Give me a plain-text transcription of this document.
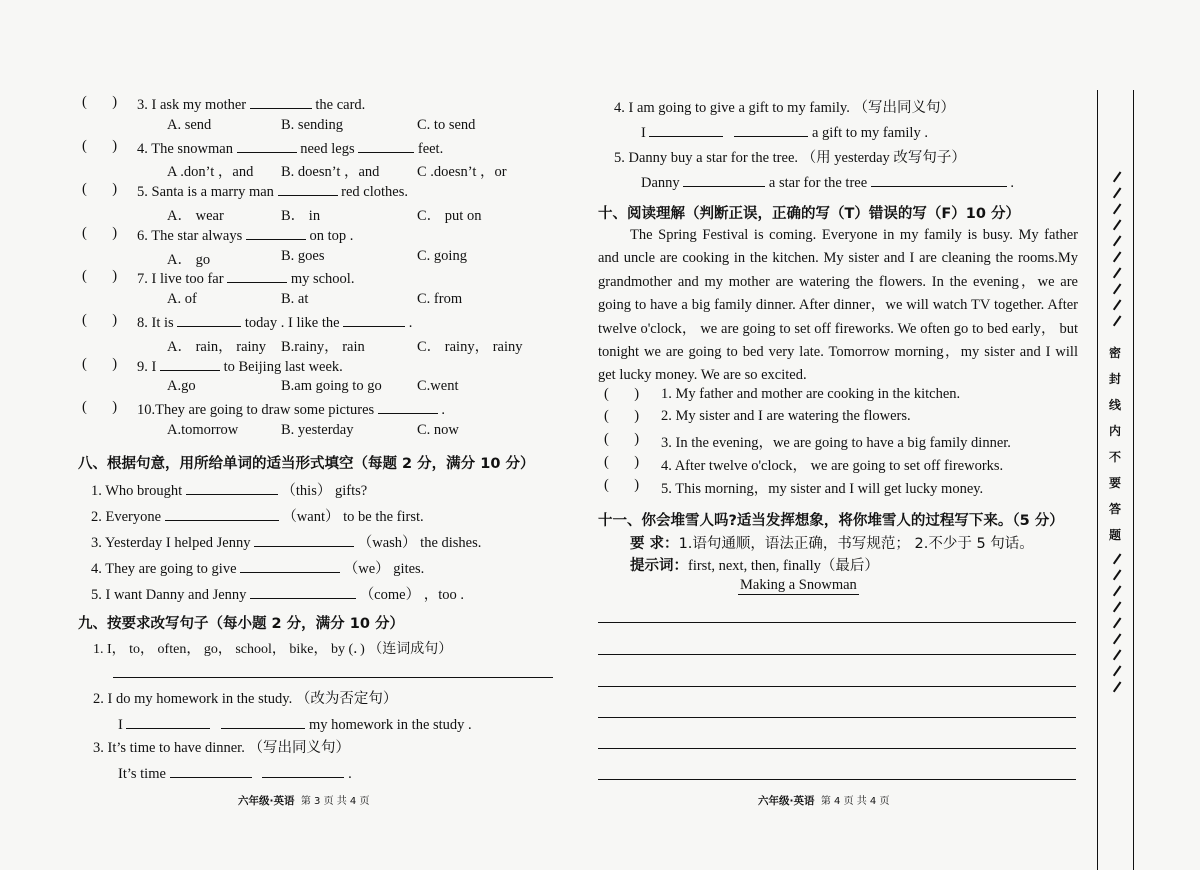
( ) 3. I ask my mother	the card.
A. send	B. sending	C. to send
( ) 4. The snowman	need legs	feet.
A .don’t ，and B. doesn’t ，and	C .doesn’t ，or
( ) 5. Santa is a marry man	red clothes.
A． wear	B． in	C． put on
( ) 6. The star always	on top .
A． go	B. goes	C. going
( ) 7. I live too far	my school.
A. of	B. at	C. from
( ) 8. It is	today . I like the	.
A． rain， rainy B.rainy， rain	C． rainy， rainy
( ) 9. I	to Beijing last week.
A.go	B.am going to go C.went
( ) 10.They are going to draw some pictures	.
A.tomorrow	B. yesterday	C. now
八、根据句意，用所给单词的适当形式填空（每题 2 分，满分 10 分）
1. Who brought	（this） gifts?
2. Everyone	（want） to be the first.
3. Yesterday I helped Jenny	（wash） the dishes.
4. They are going to give	（we） gites.
5. I want Danny and Jenny	（come） ，too .
九、按要求改写句子（每小题 2 分，满分 10 分）
1. I， to， often， go， school， bike， by (．) （连词成句）
2. I do my homework in the study. （改为否定句）
I	my homework in the study .
3. It’s time to have dinner. （写出同义句）
It’s time	.
六年级·英语 第 3 页 共 4 页
4. I am going to give a gift to my family. （写出同义句）
I	a gift to my family .
5. Danny buy a star for the tree. （用 yesterday 改写句子）
Danny	a star for the tree	.
十、阅读理解（判断正误，正确的写（T）错误的写（F）10 分）

The Spring Festival is coming. Everyone in my family is busy. My father and uncle are cooking in the kitchen. My sister and I are cleaning the rooms.My grandmother and my mother are watering the flowers. In the evening，we are going to have a big family dinner. After dinner，we will watch TV together. After twelve o'clock， we are going to set off fireworks. We often go to bed early， but tonight we are going to bed very late. Tomorrow morning，my sister and I will get lucky money. We are so excited.

(       ) 1. My father and mother are cooking in the kitchen.
(       ) 2. My sister and I are watering the flowers.
(       ) 3. In the evening，we are going to have a big family dinner.
(       ) 4. After twelve o'clock， we are going to set off fireworks.
(       ) 5. This morning，my sister and I will get lucky money.
十一、你会堆雪人吗?适当发挥想象，将你堆雪人的过程写下来。（5 分）
要 求：1.语句通顺，语法正确，书写规范； 2.不少于 5 句话。
提示词：first, next, then, finally（最后）
Making a Snowman
六年级·英语 第 4 页 共 4 页
密
封
线
内
不
要
答
题
